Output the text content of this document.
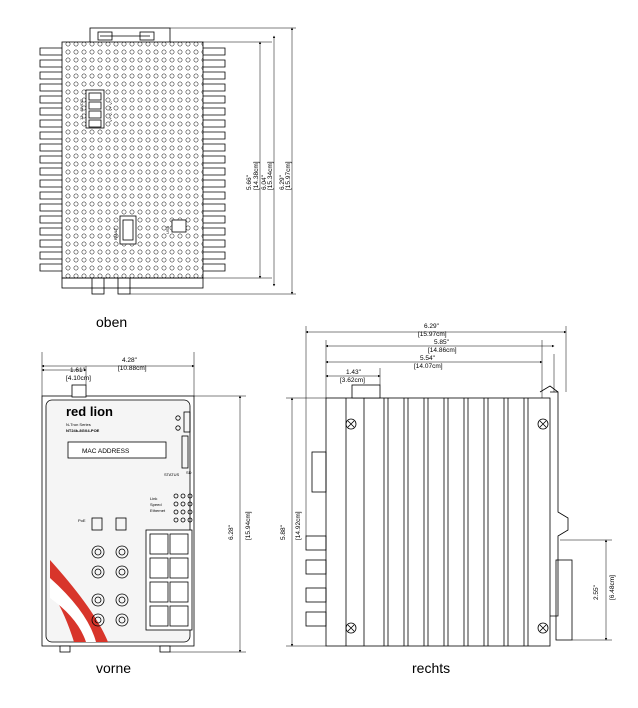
12 - 49VDC	V+ V- V+ V-
FAULT	USB
5.66" [14.38cm] 6.04" [15.34cm] 6.29" [15.97cm]
red lion
N-Tron Series
NT24k-8GX4-POE
MAC ADDRESS
Link
Speed
Ethernet
STATUS
PoE
SD
4.28"
[10.88cm]
1.61"
[4.10cm]
6.28" [15.94cm]
6.29"
[15.97cm]
5.85"
[14.86cm]
5.54"
[14.07cm]
1.43"
[3.62cm]
5.88" [14.92cm]
2.55" [6.48cm]
oben
vorne	rechts
